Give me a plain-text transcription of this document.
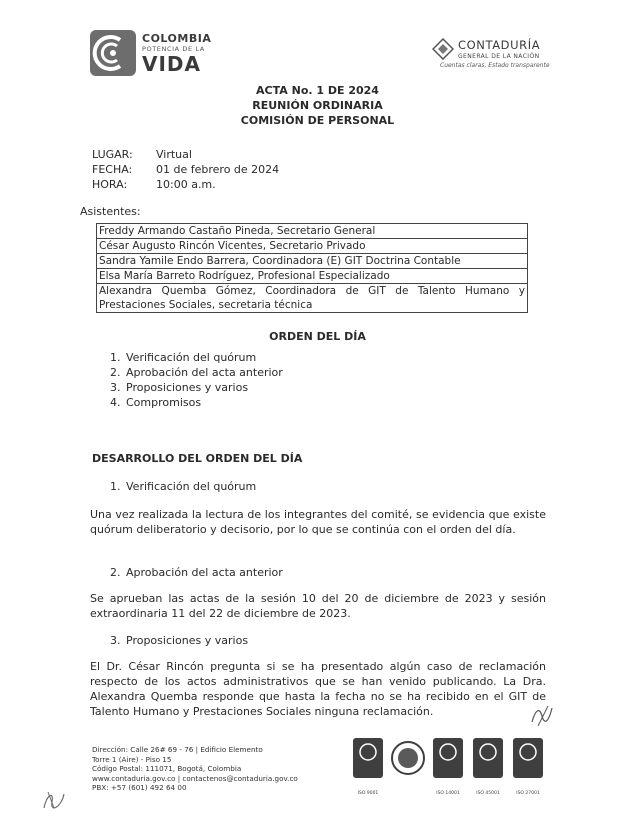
COLOMBIA
POTENCIA DE LA
VIDA
CONTADURÍA
GENERAL DE LA NACIÓN
Cuentas claras, Estado transparente
ACTA No. 1 DE 2024
REUNIÓN ORDINARIA
COMISIÓN DE PERSONAL
LUGAR: Virtual
FECHA: 01 de febrero de 2024
HORA:	10:00 a.m.
Asistentes:
Freddy Armando Castaño Pineda, Secretario General
César Augusto Rincón Vicentes, Secretario Privado
Sandra Yamile Endo Barrera, Coordinadora (E) GIT Doctrina Contable
Elsa María Barreto Rodríguez, Profesional Especializado
Alexandra Quemba Gómez, Coordinadora de GIT de Talento Humano y Prestaciones Sociales, secretaria técnica
ORDEN DEL DÍA
1. Verificación del quórum
2. Aprobación del acta anterior
3. Proposiciones y varios
4. Compromisos
DESARROLLO DEL ORDEN DEL DÍA
1. Verificación del quórum
Una vez realizada la lectura de los integrantes del comité, se evidencia que existe quórum deliberatorio y decisorio, por lo que se continúa con el orden del día.
2. Aprobación del acta anterior
Se aprueban las actas de la sesión 10 del 20 de diciembre de 2023 y sesión extraordinaria 11 del 22 de diciembre de 2023.
3. Proposiciones y varios
El Dr. César Rincón pregunta si se ha presentado algún caso de reclamación respecto de los actos administrativos que se han venido publicando. La Dra. Alexandra Quemba responde que hasta la fecha no se ha recibido en el GIT de Talento Humano y Prestaciones Sociales ninguna reclamación.
Dirección: Calle 26# 69 - 76 | Edificio Elemento
Torre 1 (Aire) - Piso 15
Código Postal: 111071, Bogotá, Colombia
www.contaduria.gov.co | contactenos@contaduria.gov.co
PBX: +57 (601) 492 64 00
ISO 9001	ISO 14001	ISO 45001	ISO 27001
